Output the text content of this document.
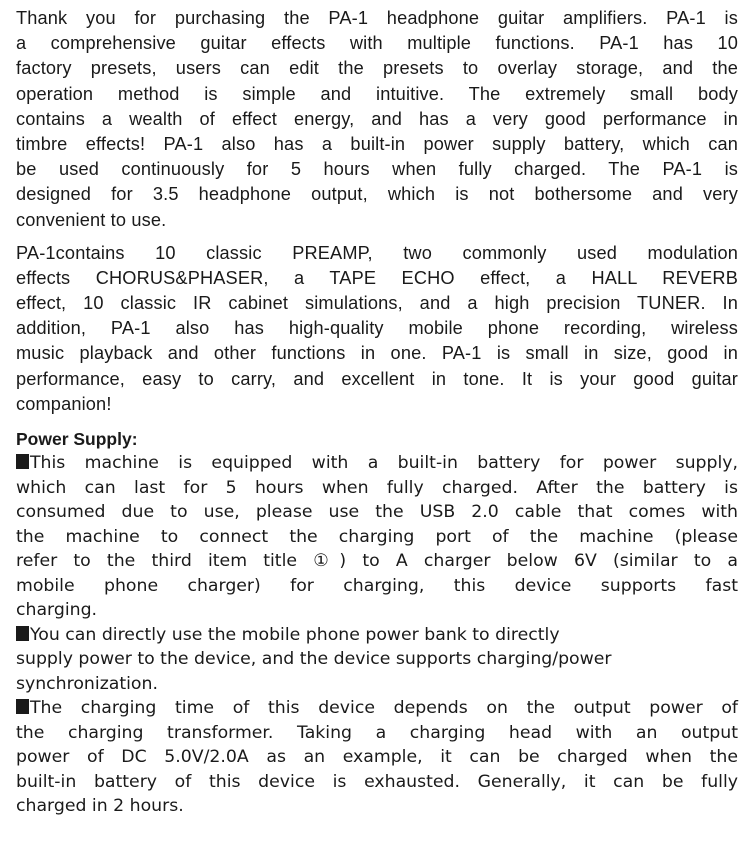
Thank you for purchasing the PA-1 headphone guitar amplifiers. PA-1 is
a comprehensive guitar effects with multiple functions. PA-1 has 10
factory presets, users can edit the presets to overlay storage, and the
operation method is simple and intuitive. The extremely small body
contains a wealth of effect energy, and has a very good performance in
timbre effects! PA-1 also has a built-in power supply battery, which can
be used continuously for 5 hours when fully charged. The PA-1 is
designed for 3.5 headphone output, which is not bothersome and very
convenient to use.
PA-1contains 10 classic PREAMP, two commonly used modulation
effects CHORUS&PHASER, a TAPE ECHO effect, a HALL REVERB
effect, 10 classic IR cabinet simulations, and a high precision TUNER. In
addition, PA-1 also has high-quality mobile phone recording, wireless
music playback and other functions in one. PA-1 is small in size, good in
performance, easy to carry, and excellent in tone. It is your good guitar
companion!
Power Supply:
This machine is equipped with a built-in battery for power supply,
which can last for 5 hours when fully charged. After the battery is
consumed due to use, please use the USB 2.0 cable that comes with
the machine to connect the charging port of the machine (please
refer to the third item title ①) to A charger below 6V (similar to a
mobile phone charger) for charging, this device supports fast
charging.
You can directly use the mobile phone power bank to directly
supply power to the device, and the device supports charging/power
synchronization.
The charging time of this device depends on the output power of
the charging transformer. Taking a charging head with an output
power of DC 5.0V/2.0A as an example, it can be charged when the
built-in battery of this device is exhausted. Generally, it can be fully
charged in 2 hours.
